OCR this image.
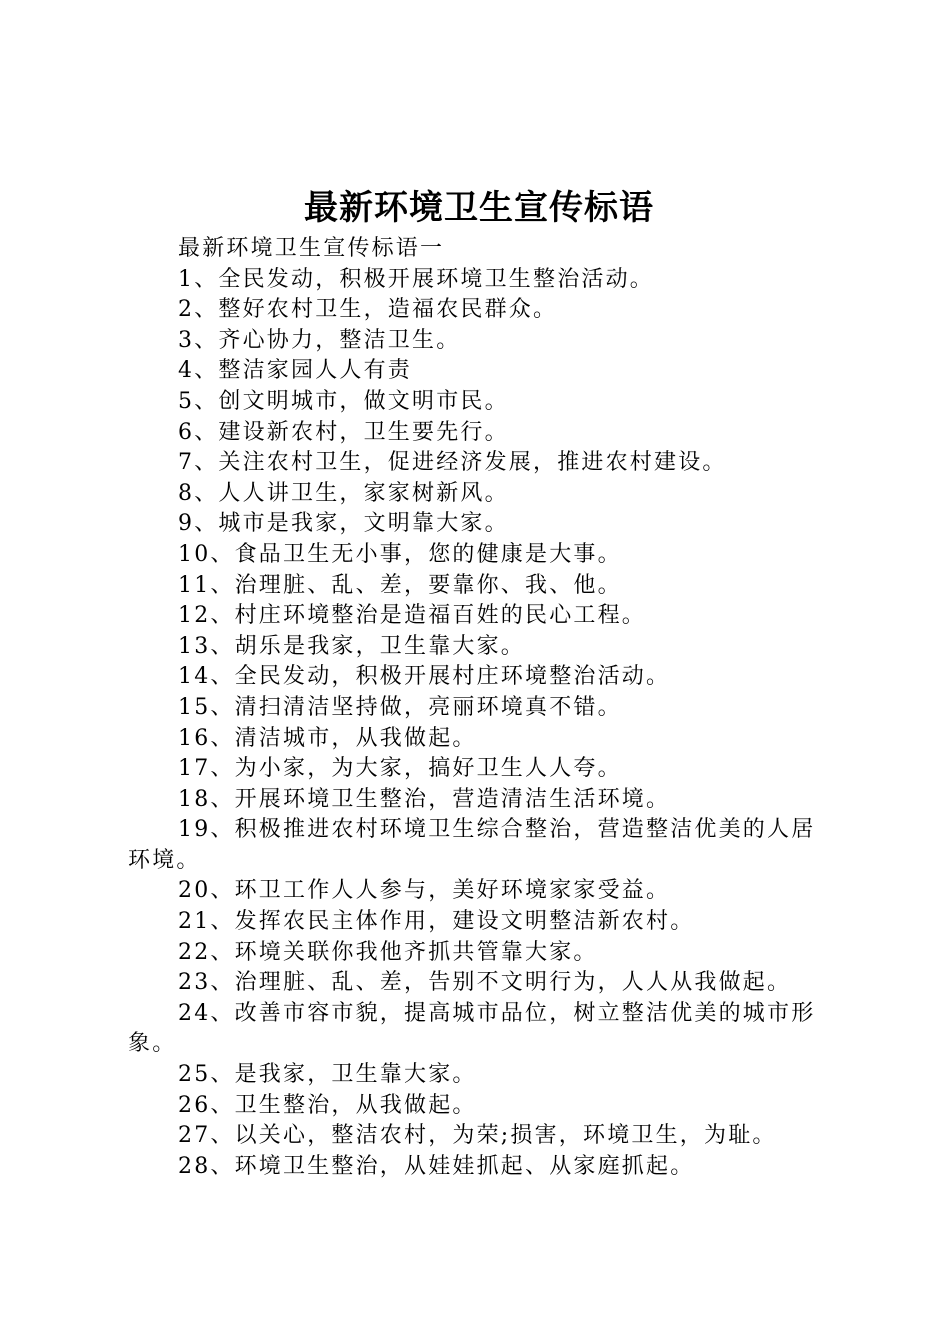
最新环境卫生宣传标语

最新环境卫生宣传标语一

1、全民发动，积极开展环境卫生整治活动。

2、整好农村卫生，造福农民群众。

3、齐心协力，整洁卫生。

4、整洁家园人人有责

5、创文明城市，做文明市民。

6、建设新农村，卫生要先行。

7、关注农村卫生，促进经济发展，推进农村建设。

8、人人讲卫生，家家树新风。

9、城市是我家，文明靠大家。

10、食品卫生无小事，您的健康是大事。

11、治理脏、乱、差，要靠你、我、他。

12、村庄环境整治是造福百姓的民心工程。

13、胡乐是我家，卫生靠大家。

14、全民发动，积极开展村庄环境整治活动。

15、清扫清洁坚持做，亮丽环境真不错。

16、清洁城市，从我做起。

17、为小家，为大家，搞好卫生人人夸。

18、开展环境卫生整治，营造清洁生活环境。

19、积极推进农村环境卫生综合整治，营造整洁优美的人居环境。

20、环卫工作人人参与，美好环境家家受益。

21、发挥农民主体作用，建设文明整洁新农村。

22、环境关联你我他齐抓共管靠大家。

23、治理脏、乱、差，告别不文明行为，人人从我做起。

24、改善市容市貌，提高城市品位，树立整洁优美的城市形象。

25、是我家，卫生靠大家。

26、卫生整治，从我做起。

27、以关心，整洁农村，为荣;损害，环境卫生，为耻。

28、环境卫生整治，从娃娃抓起、从家庭抓起。
